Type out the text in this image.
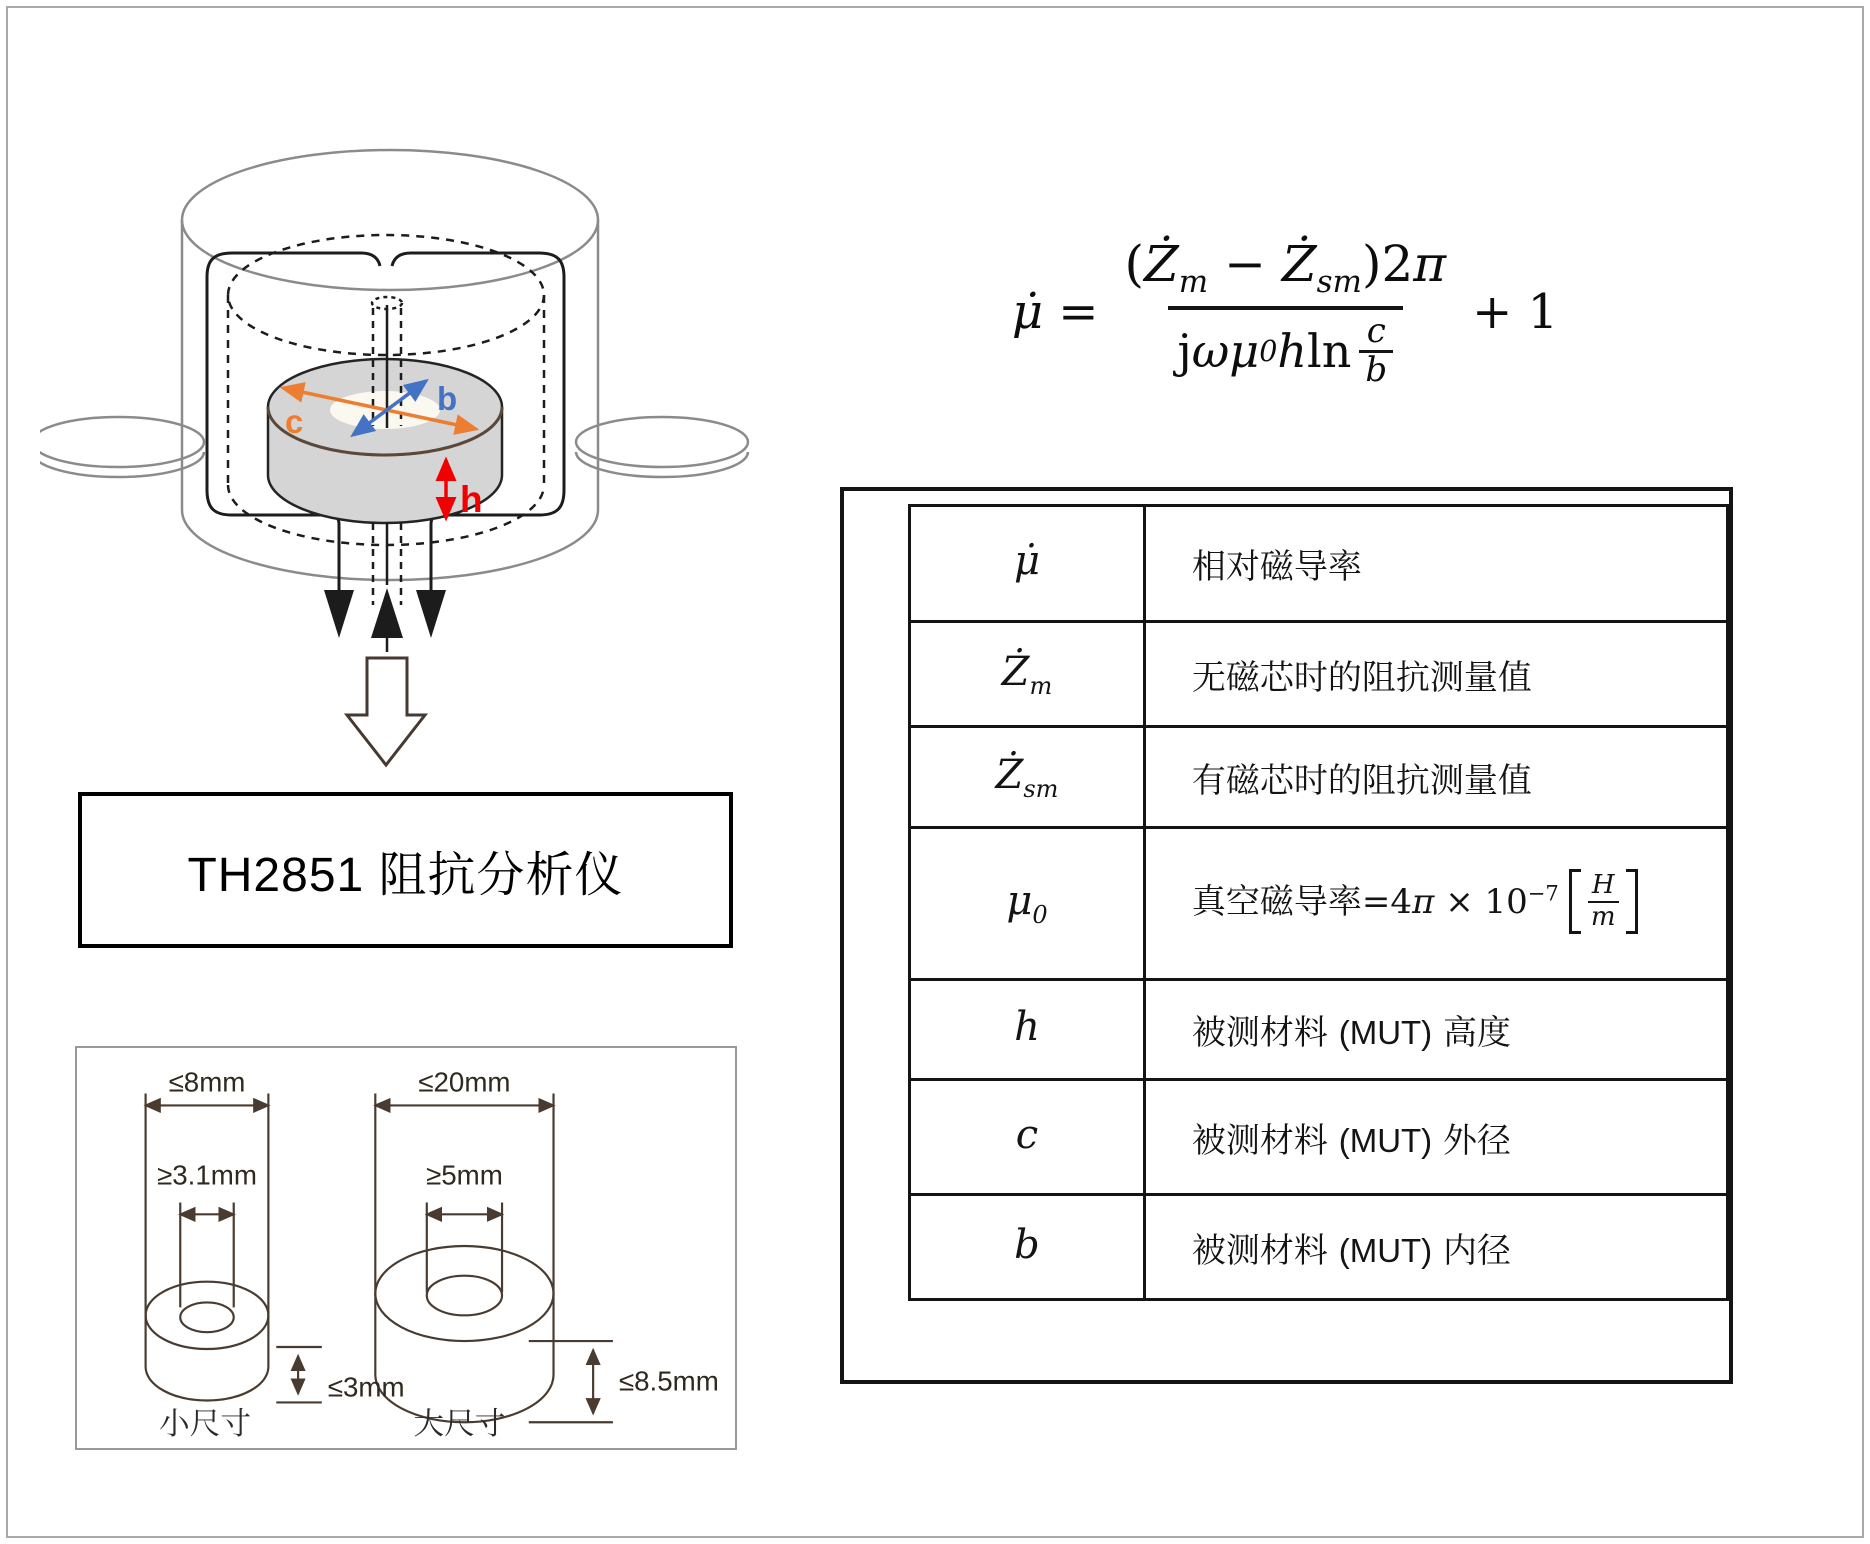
c
b
h
TH2851 阻抗分析仪
≤8mm
≥3.1mm
≤3mm
小尺寸
≤20mm
≥5mm
≤8.5mm
大尺寸
μ̇ = ($Ż_m$ − $Ż_{sm})2\pi$
j ω μ 0 h ln c
b + 1
μ̇	相对磁导率
$Ż_m$	无磁芯时的阻抗测量值
$Ż_{sm}$	有磁芯时的阻抗测量值
$\mu_0$	真空磁导率$=4\pi \times 10^{-7}$ H
m

h	被测材料 (MUT) 高度
c	被测材料 (MUT) 外径
b	被测材料 (MUT) 内径
